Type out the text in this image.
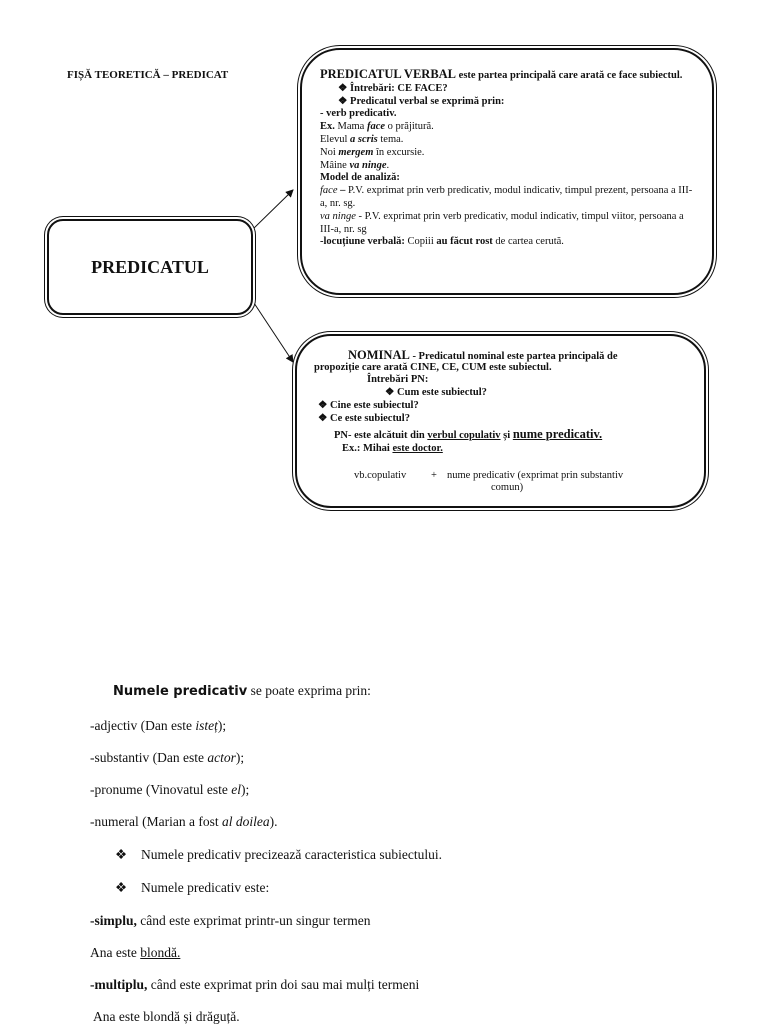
FIȘĂ TEORETICĂ – PREDICAT
PREDICATUL
PREDICATUL VERBAL este partea principală care arată ce face subiectul.
❖ Întrebări: CE FACE?
❖ Predicatul verbal se exprimă prin:
- verb predicativ.
Ex. Mama face o prăjitură.
Elevul a scris tema.
Noi mergem în excursie.
Mâine va ninge.
Model de analiză:
face – P.V. exprimat prin verb predicativ, modul indicativ, timpul prezent, persoana a III-a, nr. sg.
va ninge - P.V. exprimat prin verb predicativ, modul indicativ, timpul viitor, persoana a III-a, nr. sg
-locuțiune verbală: Copiii au făcut rost de cartea cerută.
NOMINAL - Predicatul nominal este partea principală de
propoziție care arată CINE, CE, CUM este subiectul.
Întrebări PN:
❖ Cum este subiectul?
❖ Cine este subiectul?
❖ Ce este subiectul?
PN- este alcătuit din verbul copulativ și nume predicativ.
Ex.: Mihai este doctor.
vb.copulativ + nume predicativ (exprimat prin substantiv
comun)
Numele predicativ se poate exprima prin:
-adjectiv (Dan este isteț);
-substantiv (Dan este actor);
-pronume (Vinovatul este el);
-numeral (Marian a fost al doilea).
❖ Numele predicativ precizează caracteristica subiectului.
❖ Numele predicativ este:
-simplu, când este exprimat printr-un singur termen
Ana este blondă.
-multiplu, când este exprimat prin doi sau mai mulți termeni
Ana este blondă și drăguță.
